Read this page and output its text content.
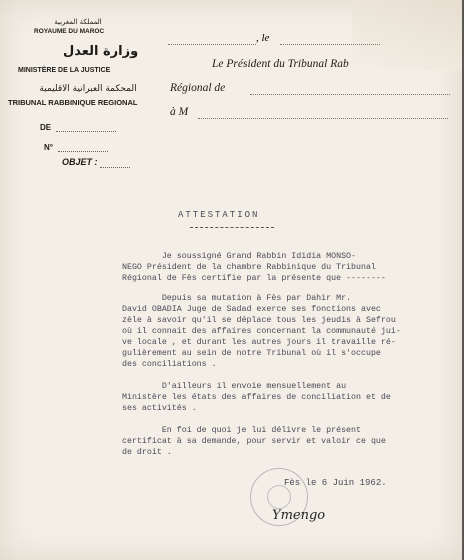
المملكة المغربية
ROYAUME DU MAROC
وزارة العدل
MINISTÈRE DE LA JUSTICE
المحكمة العبرانية الاقليمية
TRIBUNAL RABBINIQUE REGIONAL
DE
N°
OBJET :
, le
Le Président du Tribunal Rab
Régional de
à M
ATTESTATION
Je soussigné Grand Rabbin Ididia MONSO-
NEGO Président de la chambre Rabbinique du Tribunal
Régional de Fès certifie par la présente que --------
Depuis sa mutation à Fès par Dahir Mr.
David OBADIA Juge de Sadad exerce ses fonctions avec
zèle à savoir qu'il se déplace tous les jeudis à Sefrou
où il connait des affaires concernant la communauté jui-
ve locale , et durant les autres jours il travaille ré-
gulièrement au sein de notre Tribunal où il s'occupe
des conciliations .
D'ailleurs il envoie mensuellement au
Ministère les états des affaires de conciliation et de
ses activités .
En foi de quoi je lui délivre le présent
certificat à sa demande, pour servir et valoir ce que
de droit .
Fès le 6 Juin 1962.
Ymengo
